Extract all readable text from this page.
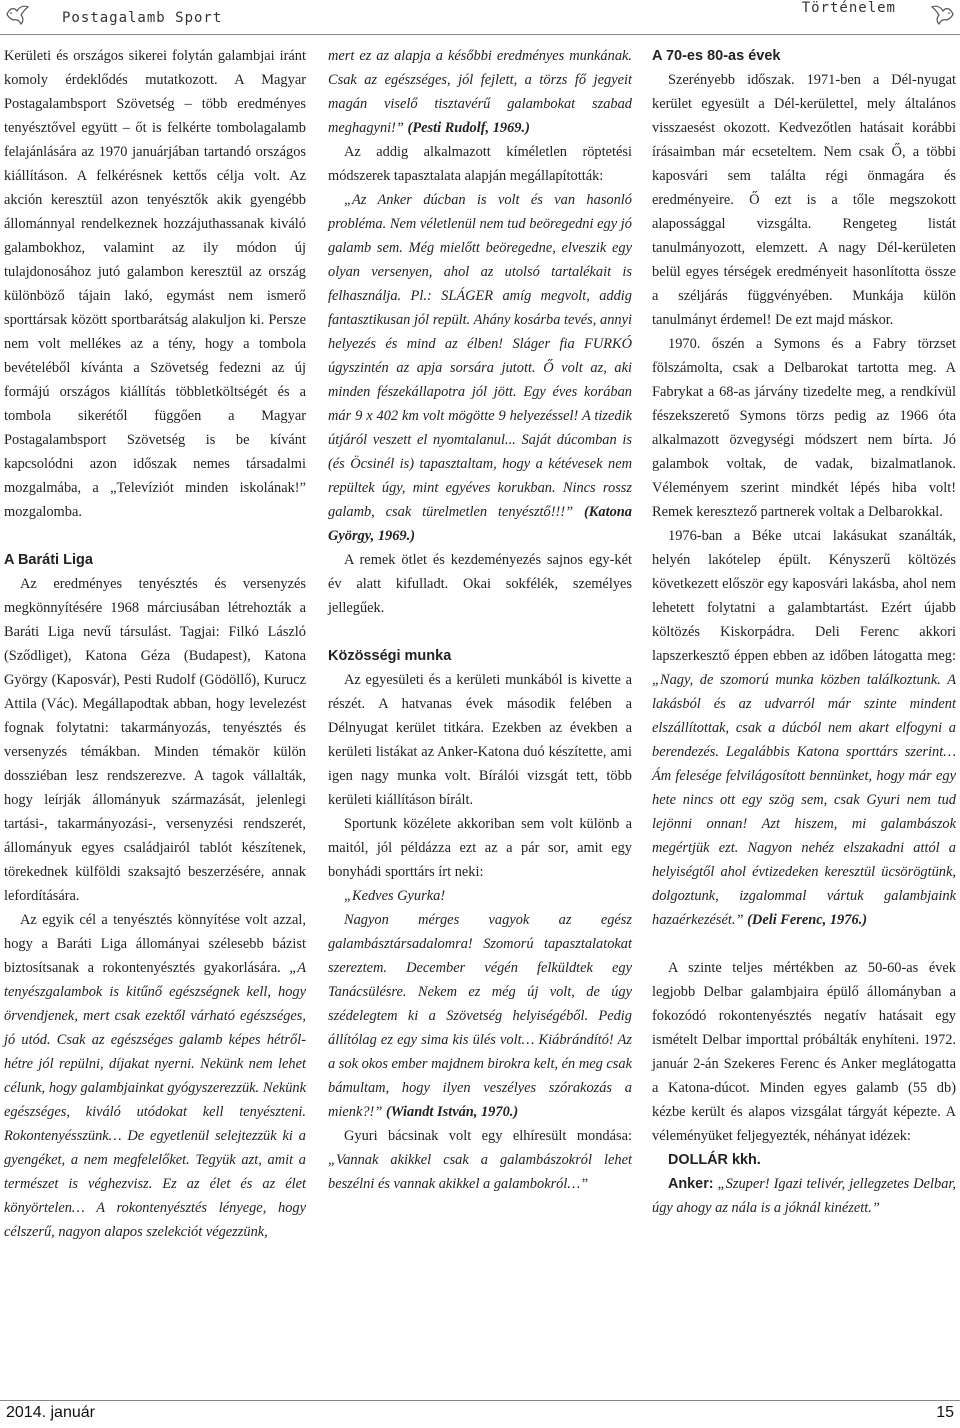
Postagalamb Sport
Történelem

Kerületi és országos sikerei folytán galambjai iránt komoly érdeklődés mutatkozott. A Magyar Postagalambsport Szövetség – több eredményes tenyésztővel együtt – őt is felkérte tombolagalamb felajánlására az 1970 januárjában tartandó országos kiállításon. A felkérésnek kettős célja volt. Az akción keresztül azon tenyésztők akik gyengébb állománnyal rendelkeznek hozzájuthassanak kiváló galambokhoz, valamint az ily módon új tulajdonosához jutó galambon keresztül az ország különböző tájain lakó, egymást nem ismerő sporttársak között sportbarátság alakuljon ki. Persze nem volt mellékes az a tény, hogy a tombola bevételéből kívánta a Szövetség fedezni az új formájú országos kiállítás többletköltségét és a tombola sikerétől függően a Magyar Postagalambsport Szövetség is be kívánt kapcsolódni azon időszak nemes társadalmi mozgalmába, a „Televíziót minden iskolának!” mozgalomba.

A Baráti Liga

Az eredményes tenyésztés és versenyzés megkönnyítésére 1968 márciusában létrehozták a Baráti Liga nevű társulást. Tagjai: Filkó László (Sződliget), Katona Géza (Budapest), Katona György (Kaposvár), Pesti Rudolf (Gödöllő), Kurucz Attila (Vác). Megállapodtak abban, hogy levelezést fognak folytatni: takarmányozás, tenyésztés és versenyzés témákban. Minden témakör külön dossziéban lesz rendszerezve. A tagok vállalták, hogy leírják állományuk származását, jelenlegi tartási-, takarmányozási-, versenyzési rendszerét, állományuk egyes családjairól tablót készítenek, törekednek külföldi szaksajtó beszerzésére, annak lefordítására.

Az egyik cél a tenyésztés könnyítése volt azzal, hogy a Baráti Liga állományai szélesebb bázist biztosítsanak a rokontenyésztés gyakorlására. „A tenyészgalambok is kitűnő egészségnek kell, hogy örvendjenek, mert csak ezektől várható egészséges, jó utód. Csak az egészséges galamb képes hétről-hétre jól repülni, díjakat nyerni. Nekünk nem lehet célunk, hogy galambjainkat gyógyszerezzük. Nekünk egészséges, kiváló utódokat kell tenyészteni. Rokontenyésszünk… De egyetlenül selejtezzük ki a gyengéket, a nem megfelelőket. Tegyük azt, amit a természet is véghezvisz. Ez az élet és az élet könyörtelen… A rokontenyésztés lényege, hogy célszerű, nagyon alapos szelekciót végezzünk,

mert ez az alapja a későbbi eredményes munkának. Csak az egészséges, jól fejlett, a törzs fő jegyeit magán viselő tisztavérű galambokat szabad meghagyni!” (Pesti Rudolf, 1969.)

Az addig alkalmazott kíméletlen röptetési módszerek tapasztalata alapján megállapították:

„Az Anker dúcban is volt és van hasonló probléma. Nem véletlenül nem tud beöregedni egy jó galamb sem. Még mielőtt beöregedne, elveszik egy olyan versenyen, ahol az utolsó tartalékait is felhasználja. Pl.: SLÁGER amíg megvolt, addig fantasztikusan jól repült. Ahány kosárba tevés, annyi helyezés és mind az élben! Sláger fia FURKÓ úgyszintén az apja sorsára jutott. Ő volt az, aki minden fészekállapotra jól jött. Egy éves korában már 9 x 402 km volt mögötte 9 helyezéssel! A tizedik útjáról veszett el nyomtalanul... Saját dúcomban is (és Öcsinél is) tapasztaltam, hogy a kétévesek nem repültek úgy, mint egyéves korukban. Nincs rossz galamb, csak türelmetlen tenyésztő!!!” (Katona György, 1969.)

A remek ötlet és kezdeményezés sajnos egy-két év alatt kifulladt. Okai sokfélék, személyes jellegűek.

Közösségi munka

Az egyesületi és a kerületi munkából is kivette a részét. A hatvanas évek második felében a Délnyugat kerület titkára. Ezekben az években a kerületi listákat az Anker-Katona duó készítette, ami igen nagy munka volt. Bírálói vizsgát tett, több kerületi kiállításon bírált.

Sportunk közélete akkoriban sem volt különb a maitól, jól példázza ezt az a pár sor, amit egy bonyhádi sporttárs írt neki:

„Kedves Gyurka!

Nagyon mérges vagyok az egész galambásztársadalomra! Szomorú tapasztalatokat szereztem. December végén felküldtek egy Tanácsülésre. Nekem ez még új volt, de úgy szédelegtem ki a Szövetség helyiségéből. Pedig állítólag ez egy sima kis ülés volt… Kiábrándító! Az a sok okos ember majdnem birokra kelt, én meg csak bámultam, hogy ilyen veszélyes szórakozás a mienk?!” (Wiandt István, 1970.)

Gyuri bácsinak volt egy elhíresült mondása: „Vannak akikkel csak a galambászokról lehet beszélni és vannak akikkel a galambokról…”

A 70-es 80-as évek

Szerényebb időszak. 1971-ben a Dél-nyugat kerület egyesült a Dél-kerülettel, mely általános visszaesést okozott. Kedvezőtlen hatásait korábbi írásaimban már ecseteltem. Nem csak Ő, a többi kaposvári sem találta régi önmagára és eredményeire. Ő ezt is a tőle megszokott alapossággal vizsgálta. Rengeteg listát tanulmányozott, elemzett. A nagy Dél-kerületen belül egyes térségek eredményeit hasonlította össze a széljárás függvényében. Munkája külön tanulmányt érdemel! De ezt majd máskor.

1970. őszén a Symons és a Fabry törzset fölszámolta, csak a Delbarokat tartotta meg. A Fabrykat a 68-as járvány tizedelte meg, a rendkívül fészekszerető Symons törzs pedig az 1966 óta alkalmazott özvegységi módszert nem bírta. Jó galambok voltak, de vadak, bizalmatlanok. Véleményem szerint mindkét lépés hiba volt! Remek keresztező partnerek voltak a Delbarokkal.

1976-ban a Béke utcai lakásukat szanálták, helyén lakótelep épült. Kényszerű költözés következett először egy kaposvári lakásba, ahol nem lehetett folytatni a galambtartást. Ezért újabb költözés Kiskorpádra. Deli Ferenc akkori lapszerkesztő éppen ebben az időben látogatta meg: „Nagy, de szomorú munka közben találkoztunk. A lakásból és az udvarról már szinte mindent elszállítottak, csak a dúcból nem akart elfogyni a berendezés. Legalábbis Katona sporttárs szerint… Ám felesége felvilágosított bennünket, hogy már egy hete nincs ott egy szög sem, csak Gyuri nem tud lejönni onnan! Azt hiszem, mi galambászok megértjük ezt. Nagyon nehéz elszakadni attól a helyiségtől ahol évtizedeken keresztül ücsörögtünk, dolgoztunk, izgalommal vártuk galambjaink hazaérkezését.” (Deli Ferenc, 1976.)

A szinte teljes mértékben az 50-60-as évek legjobb Delbar galambjaira épülő állományban a fokozódó rokontenyésztés negatív hatásait egy ismételt Delbar importtal próbálták enyhíteni. 1972. január 2-án Szekeres Ferenc és Anker meglátogatta a Katona-dúcot. Minden egyes galamb (55 db) kézbe került és alapos vizsgálat tárgyát képezte. A véleményüket feljegyezték, néhányat idézek:

DOLLÁR kkh.

Anker: „Szuper! Igazi telivér, jellegzetes Delbar, úgy ahogy az nála is a jóknál kinézett.”

2014. január	15
